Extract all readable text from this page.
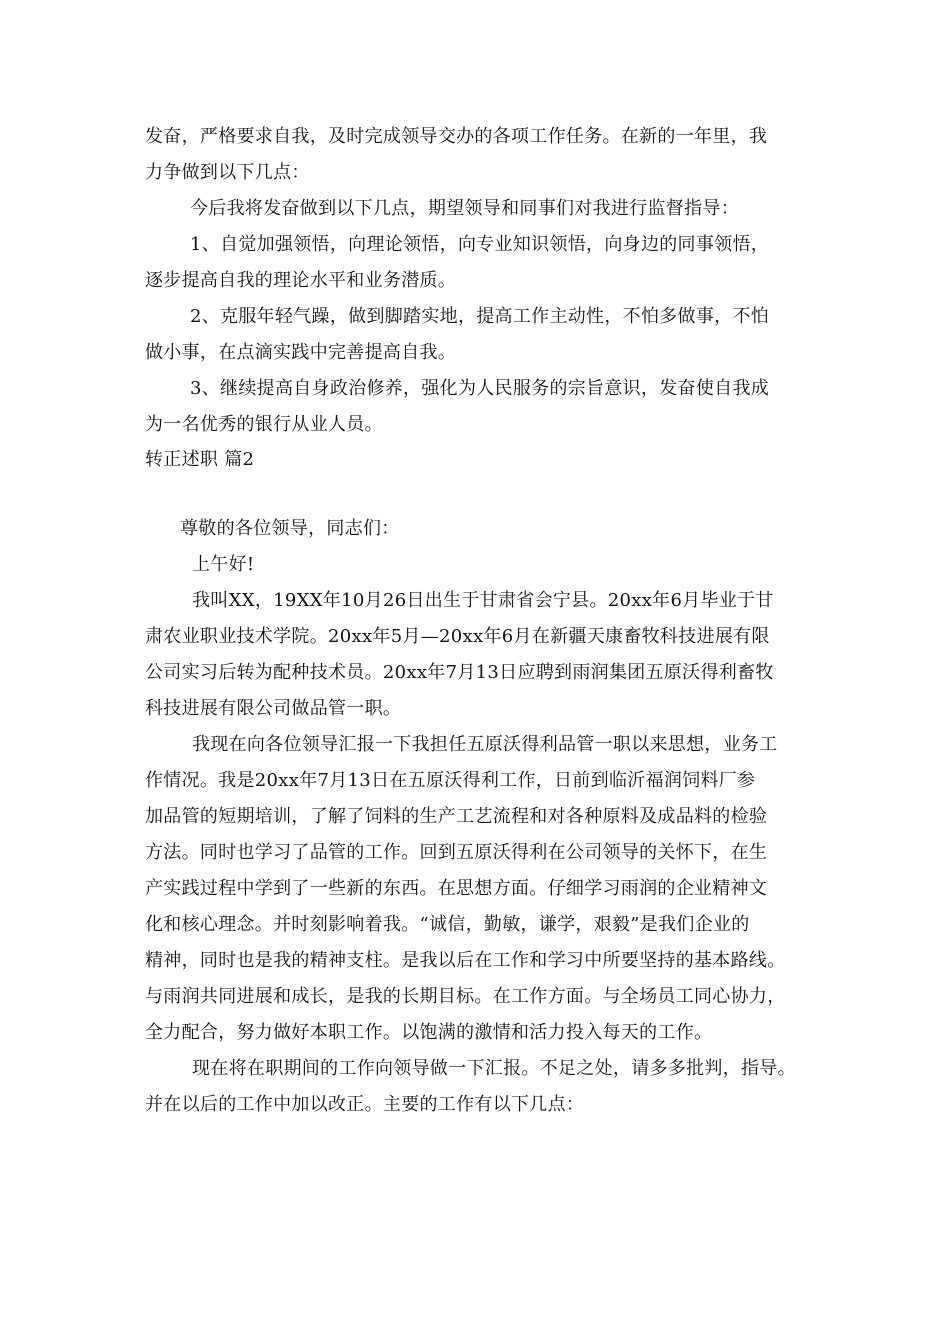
发奋，严格要求自我，及时完成领导交办的各项工作任务。在新的一年里，我
力争做到以下几点：
今后我将发奋做到以下几点，期望领导和同事们对我进行监督指导：
1、自觉加强领悟，向理论领悟，向专业知识领悟，向身边的同事领悟，
逐步提高自我的理论水平和业务潜质。
2、克服年轻气躁，做到脚踏实地，提高工作主动性，不怕多做事，不怕
做小事，在点滴实践中完善提高自我。
3、继续提高自身政治修养，强化为人民服务的宗旨意识，发奋使自我成
为一名优秀的银行从业人员。
转正述职 篇2
尊敬的各位领导，同志们：
上午好!
我叫XX，19XX年10月26日出生于甘肃省会宁县。20xx年6月毕业于甘
肃农业职业技术学院。20xx年5月—20xx年6月在新疆天康畜牧科技进展有限
公司实习后转为配种技术员。20xx年7月13日应聘到雨润集团五原沃得利畜牧
科技进展有限公司做品管一职。
我现在向各位领导汇报一下我担任五原沃得利品管一职以来思想，业务工
作情况。我是20xx年7月13日在五原沃得利工作，日前到临沂福润饲料厂参
加品管的短期培训，了解了饲料的生产工艺流程和对各种原料及成品料的检验
方法。同时也学习了品管的工作。回到五原沃得利在公司领导的关怀下，在生
产实践过程中学到了一些新的东西。在思想方面。仔细学习雨润的企业精神文
化和核心理念。并时刻影响着我。“诚信，勤敏，谦学，艰毅”是我们企业的
精神，同时也是我的精神支柱。是我以后在工作和学习中所要坚持的基本路线。
与雨润共同进展和成长，是我的长期目标。在工作方面。与全场员工同心协力，
全力配合，努力做好本职工作。以饱满的激情和活力投入每天的工作。
现在将在职期间的工作向领导做一下汇报。不足之处，请多多批判，指导。
并在以后的工作中加以改正。主要的工作有以下几点：
